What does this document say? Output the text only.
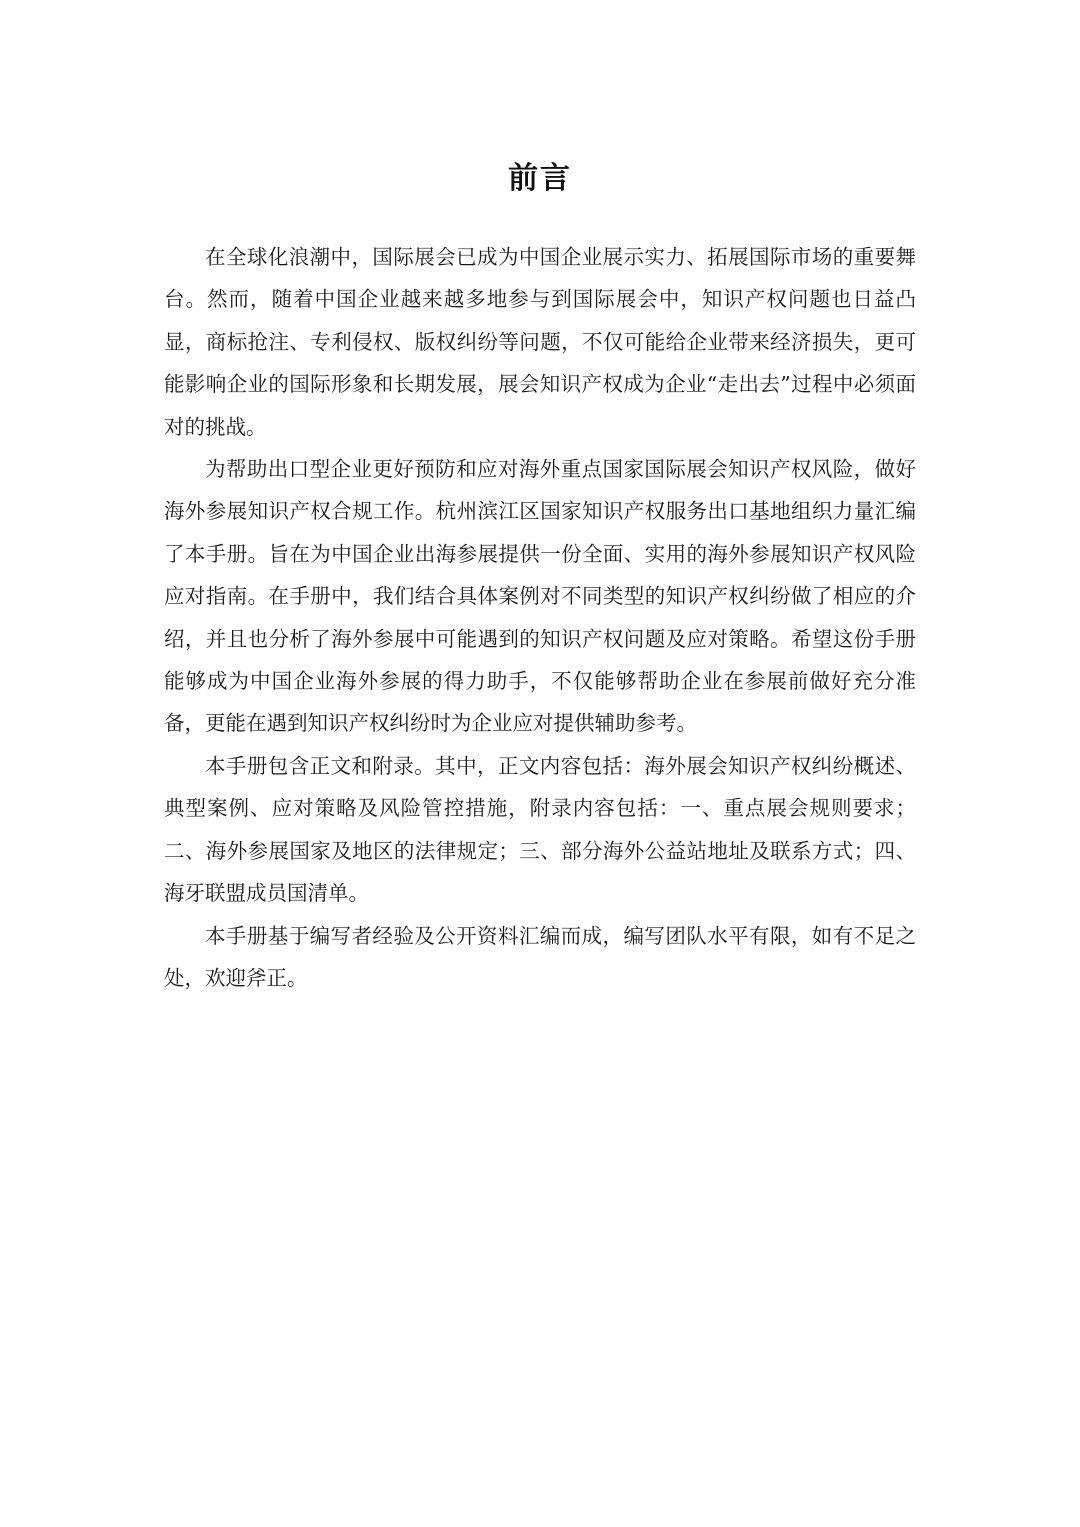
前言

在全球化浪潮中，国际展会已成为中国企业展示实力、拓展国际市场的重要舞台。然而，随着中国企业越来越多地参与到国际展会中，知识产权问题也日益凸显，商标抢注、专利侵权、版权纠纷等问题，不仅可能给企业带来经济损失，更可能影响企业的国际形象和长期发展，展会知识产权成为企业“走出去”过程中必须面对的挑战。

为帮助出口型企业更好预防和应对海外重点国家国际展会知识产权风险，做好海外参展知识产权合规工作。杭州滨江区国家知识产权服务出口基地组织力量汇编了本手册。旨在为中国企业出海参展提供一份全面、实用的海外参展知识产权风险应对指南。在手册中，我们结合具体案例对不同类型的知识产权纠纷做了相应的介绍，并且也分析了海外参展中可能遇到的知识产权问题及应对策略。希望这份手册能够成为中国企业海外参展的得力助手，不仅能够帮助企业在参展前做好充分准备，更能在遇到知识产权纠纷时为企业应对提供辅助参考。

本手册包含正文和附录。其中，正文内容包括：海外展会知识产权纠纷概述、典型案例、应对策略及风险管控措施，附录内容包括：一、重点展会规则要求；二、海外参展国家及地区的法律规定；三、部分海外公益站地址及联系方式；四、海牙联盟成员国清单。

本手册基于编写者经验及公开资料汇编而成，编写团队水平有限，如有不足之处，欢迎斧正。
